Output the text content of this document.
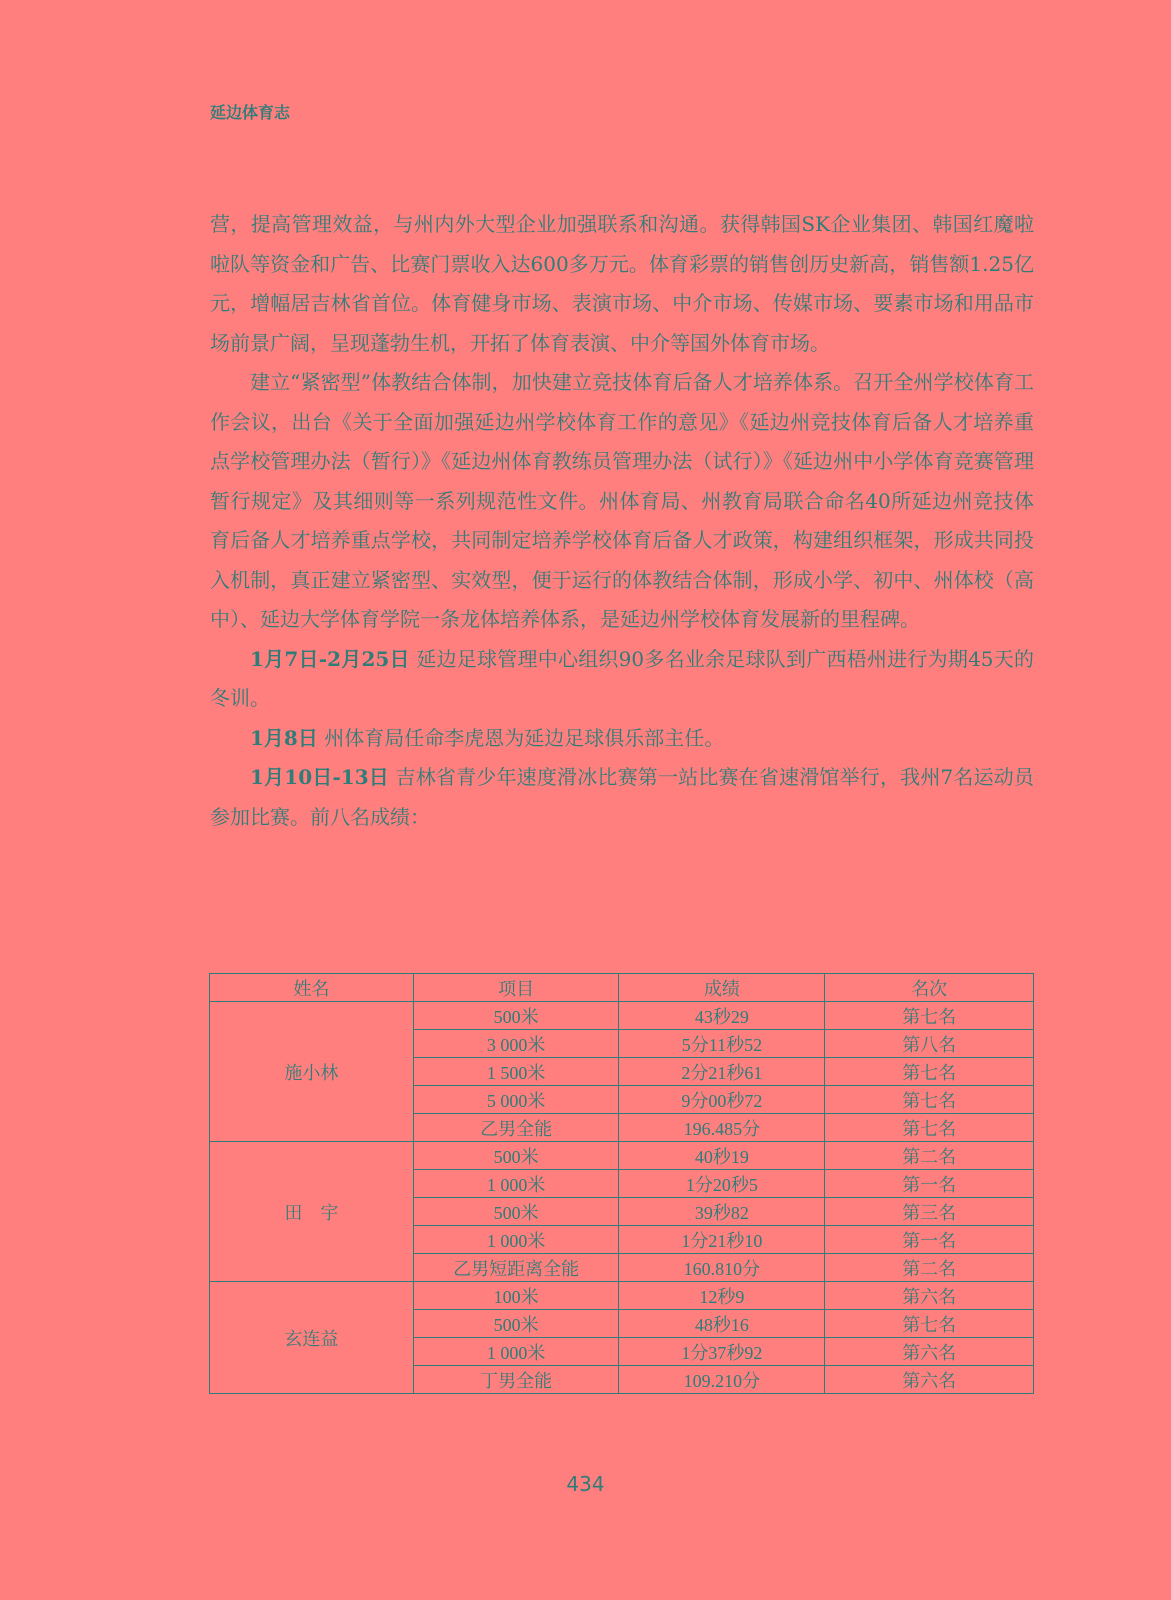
延边体育志

营，提高管理效益，与州内外大型企业加强联系和沟通。获得韩国SK企业集团、韩国红魔啦啦队等资金和广告、比赛门票收入达600多万元。体育彩票的销售创历史新高，销售额1.25亿元，增幅居吉林省首位。体育健身市场、表演市场、中介市场、传媒市场、要素市场和用品市场前景广阔，呈现蓬勃生机，开拓了体育表演、中介等国外体育市场。

建立“紧密型”体教结合体制，加快建立竞技体育后备人才培养体系。召开全州学校体育工作会议，出台《关于全面加强延边州学校体育工作的意见》《延边州竞技体育后备人才培养重点学校管理办法（暂行）》《延边州体育教练员管理办法（试行）》《延边州中小学体育竞赛管理暂行规定》及其细则等一系列规范性文件。州体育局、州教育局联合命名40所延边州竞技体育后备人才培养重点学校，共同制定培养学校体育后备人才政策，构建组织框架，形成共同投入机制，真正建立紧密型、实效型，便于运行的体教结合体制，形成小学、初中、州体校（高中）、延边大学体育学院一条龙体培养体系，是延边州学校体育发展新的里程碑。

1月7日-2月25日 延边足球管理中心组织90多名业余足球队到广西梧州进行为期45天的冬训。

1月8日 州体育局任命李虎恩为延边足球俱乐部主任。

1月10日-13日 吉林省青少年速度滑冰比赛第一站比赛在省速滑馆举行，我州7名运动员参加比赛。前八名成绩：

姓名	项目	成绩	名次
施小林	500米	43秒29	第七名
	3 000米	5分11秒52	第八名
	1 500米	2分21秒61	第七名
	5 000米	9分00秒72	第七名
	乙男全能	196.485分	第七名
田　宇	500米	40秒19	第二名
	1 000米	1分20秒5	第一名
	500米	39秒82	第三名
	1 000米	1分21秒10	第一名
	乙男短距离全能	160.810分	第二名
玄连益	100米	12秒9	第六名
	500米	48秒16	第七名
	1 000米	1分37秒92	第六名
	丁男全能	109.210分	第六名
434
